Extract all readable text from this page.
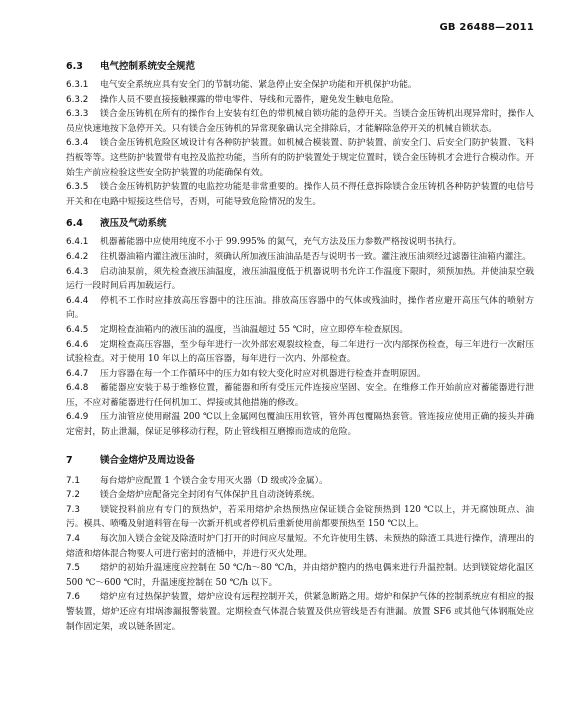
GB 26488—2011
6.3 电气控制系统安全规范

6.3.1 电气安全系统应具有安全门的节制功能、紧急停止安全保护功能和开机保护功能。

6.3.2 操作人员不要直接接触裸露的带电零件、导线和元器件，避免发生触电危险。

6.3.3 镁合金压铸机在所有的操作台上安装有红色的带机械自锁功能的急停开关。当镁合金压铸机出现异常时，操作人员应快速地按下急停开关。只有镁合金压铸机的异常现象确认完全排除后，才能解除急停开关的机械自锁状态。

6.3.4 镁合金压铸机危险区域设计有各种防护装置。如机械合模装置、防护装置、前安全门、后安全门防护装置、飞料挡板等等。这些防护装置带有电控及监控功能，当所有的防护装置处于规定位置时，镁合金压铸机才会进行合模动作。开始生产前应检验这些安全防护装置的功能确保有效。

6.3.5 镁合金压铸机防护装置的电监控功能是非常重要的。操作人员不得任意拆除镁合金压铸机各种防护装置的电信号开关和在电路中短接这些信号，否则，可能导致危险情况的发生。

6.4 液压及气动系统

6.4.1 机器蓄能器中应使用纯度不小于 99.995% 的氮气，充气方法及压力参数严格按说明书执行。

6.4.2 往机器油箱内灌注液压油时，须确认所加液压油油品是否与说明书一致。灌注液压油须经过滤器往油箱内灌注。

6.4.3 启动油泵前，须先检查液压油温度，液压油温度低于机器说明书允许工作温度下限时，须预加热。并使油泵空载运行一段时间后再加载运行。

6.4.4 停机不工作时应排放高压容器中的注压油。排放高压容器中的气体或残油时，操作者应避开高压气体的喷射方向。

6.4.5 定期检查油箱内的液压油的温度，当油温超过 55 ℃时，应立即停车检查原因。

6.4.6 定期检查高压容器，至少每年进行一次外部宏观裂纹检查，每二年进行一次内部探伤检查，每三年进行一次耐压试验检查。对于使用 10 年以上的高压容器，每年进行一次内、外部检查。

6.4.7 压力容器在每一个工作循环中的压力如有较大变化时应对机器进行检查并查明原因。

6.4.8 蓄能器应安装于易于维修位置，蓄能器和所有受压元件连接应坚固、安全。在维修工作开始前应对蓄能器进行泄压，不应对蓄能器进行任何机加工、焊接或其他措施的修改。

6.4.9 压力油管应使用耐温 200 ℃以上金属网包覆油压用软管，管外再包覆隔热套管。管连接应使用正确的接头并确定密封，防止泄漏，保证足够移动行程，防止管线相互磨擦而造成的危险。

7	镁合金熔炉及周边设备

7.1 每台熔炉应配置 1 个镁合金专用灭火器（D 级或冷金属）。

7.2 镁合金熔炉应配备完全封闭有气体保护且自动浇铸系统。

7.3 镁锭投料前应有专门的预热炉，若采用熔炉余热预热应保证镁合金锭预热到 120 ℃以上，并无腐蚀斑点、油污。模具、喷嘴及射道料管在每一次新开机或者停机后重新使用前都要预热至 150 ℃以上。

7.4 每次加入镁合金锭及除渣时炉门打开的时间应尽量短。不允许使用生锈、未预热的除渣工具进行操作，清理出的熔渣和熔体混合物要人可进行密封的渣桶中，并进行灭火处理。

7.5 熔炉的初始升温速度应控制在 50 ℃/h～80 ℃/h，并由熔炉膛内的热电偶来进行升温控制。达到镁锭熔化温区 500 ℃～600 ℃时，升温速度控制在 50 ℃/h 以下。

7.6 熔炉应有过热保护装置，熔炉应设有远程控制开关，供紧急断路之用。熔炉和保护气体的控制系统应有相应的报警装置，熔炉还应有坩埚渗漏报警装置。定期检查气体混合装置及供应管线是否有泄漏。放置 SF6 或其他气体钢瓶处应制作固定架，或以链条固定。
